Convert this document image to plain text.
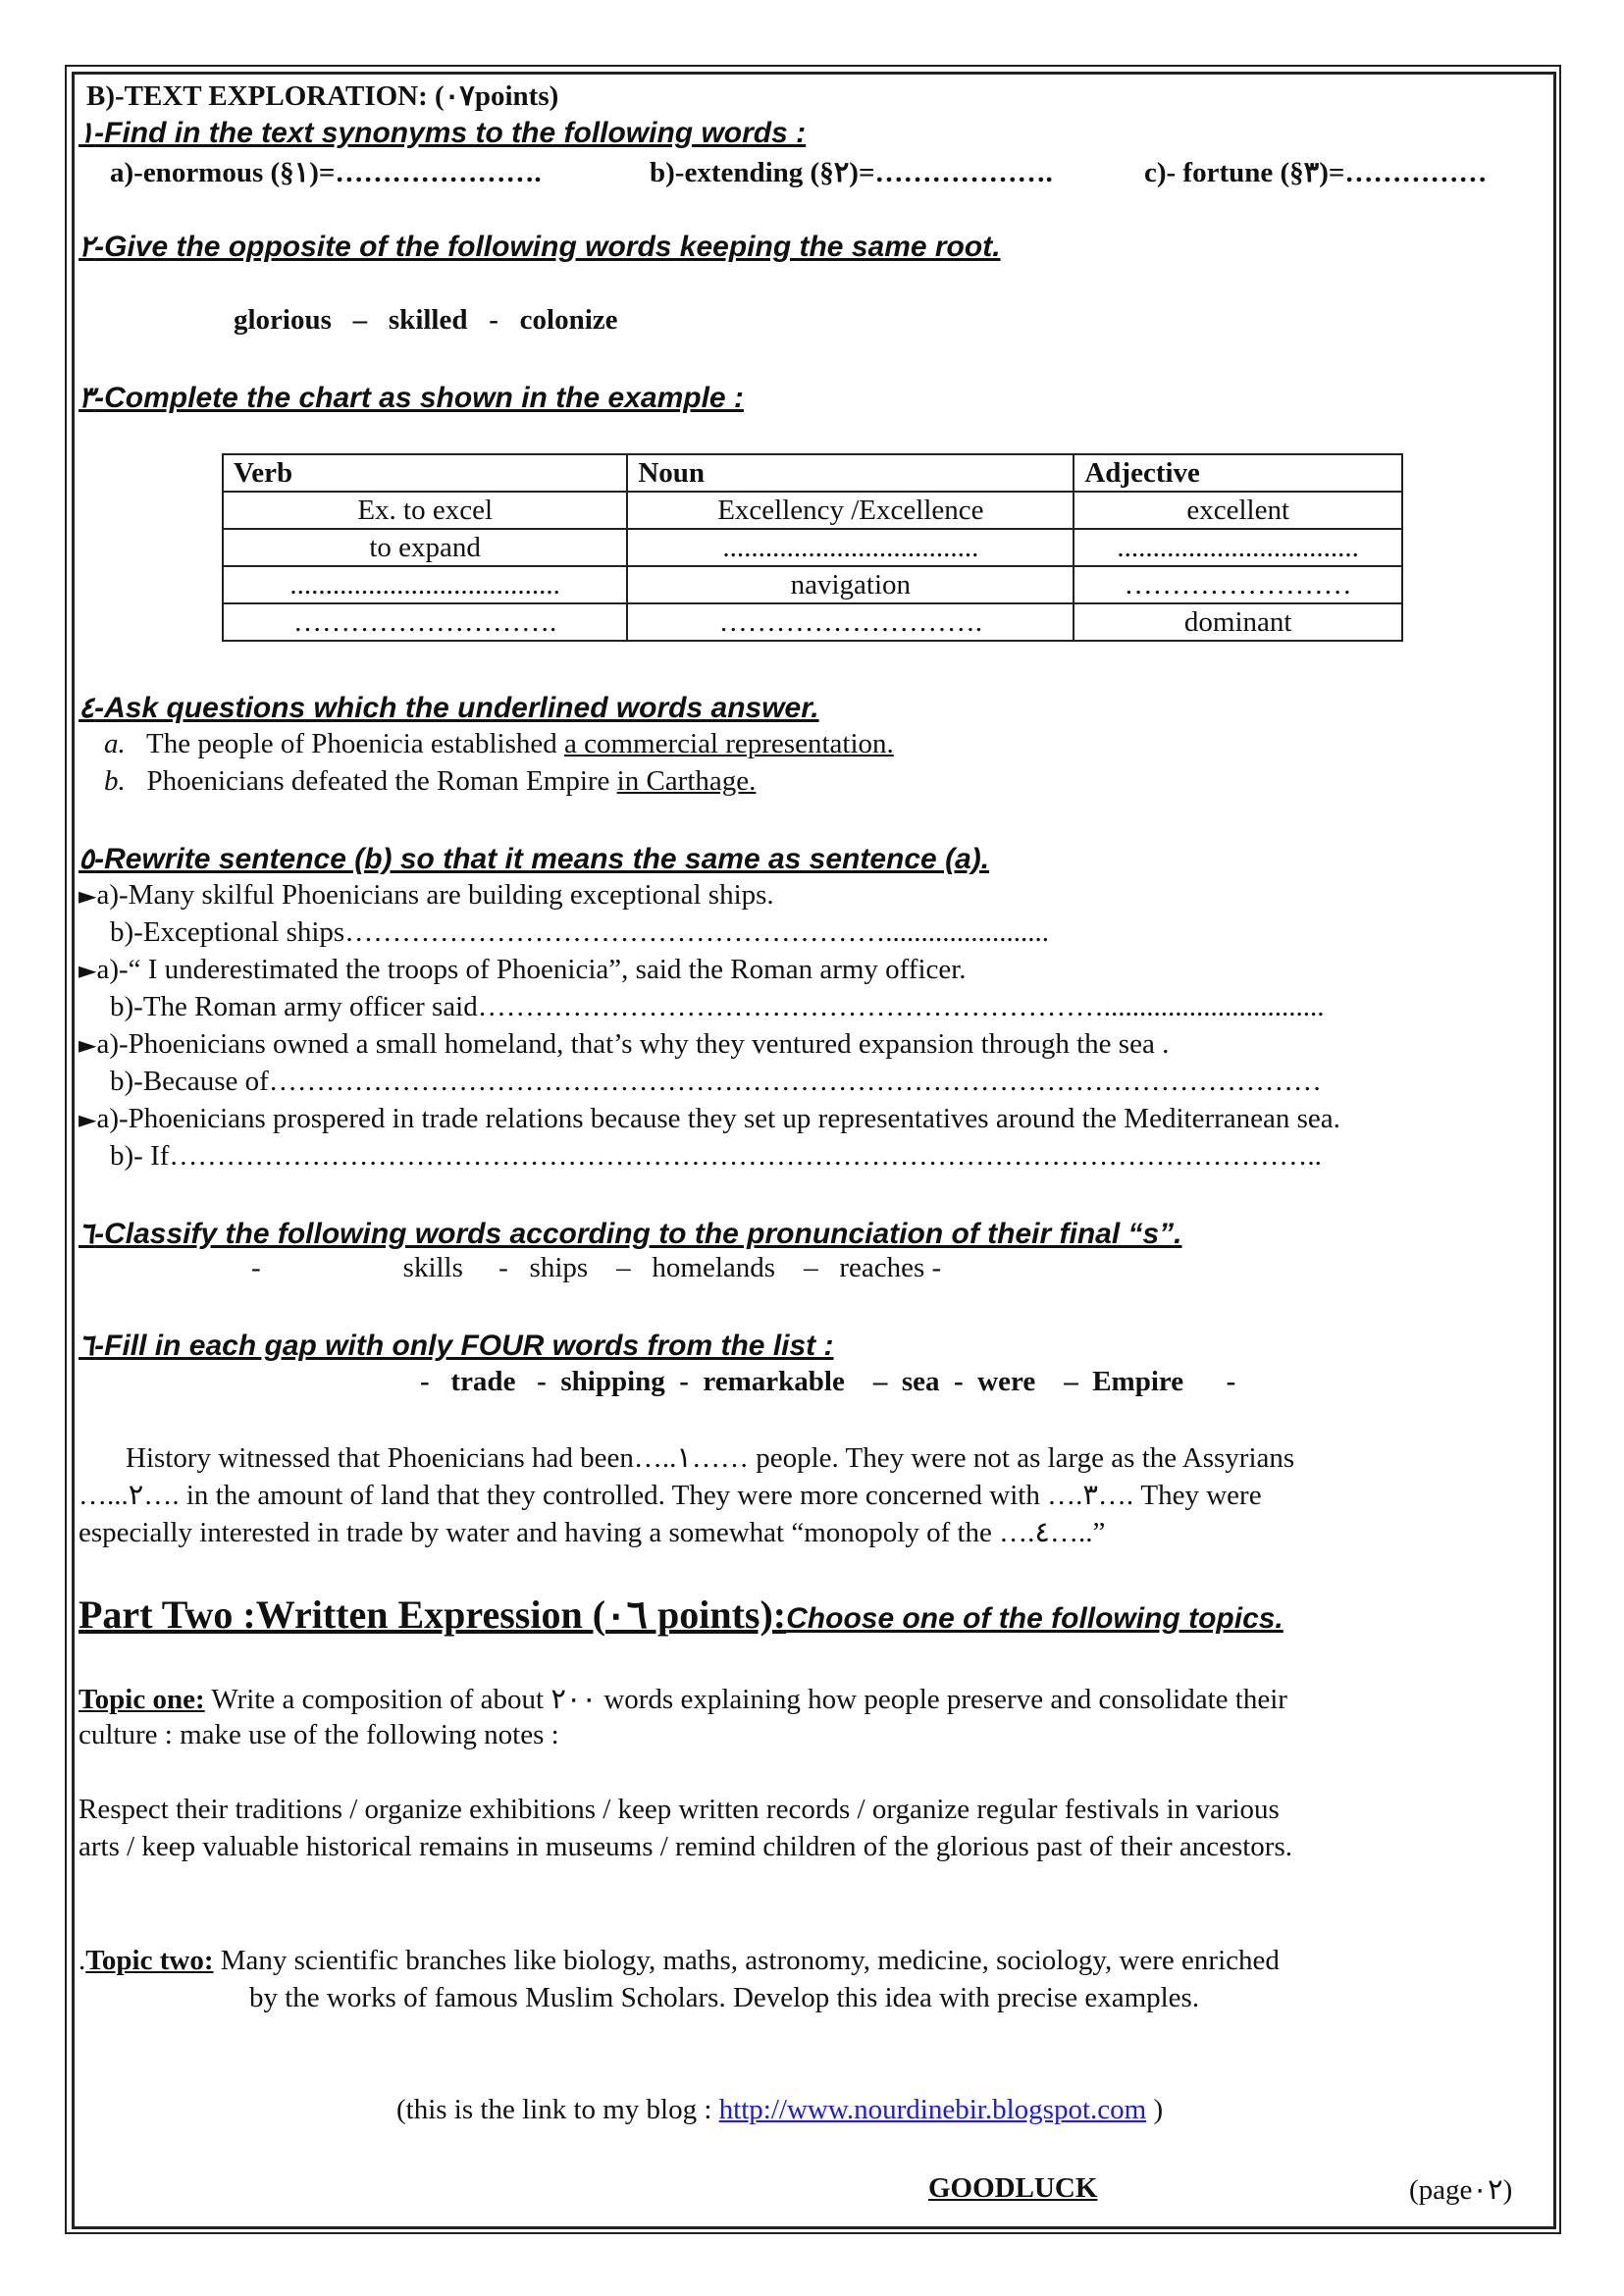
B)-TEXT EXPLORATION: (٠٧points)
١-Find in the text synonyms to the following words :
a)-enormous (§١)=………………….	b)-extending (§٢)=……………….	c)- fortune (§٣)=……………
٢-Give the opposite of the following words keeping the same root.
glorious   –   skilled   -   colonize
٣-Complete the chart as shown in the example :
Verb	Noun	Adjective
Ex. to excel	Excellency /Excellence	excellent
to expand	....................................	..................................
......................................	navigation	……………………
……………………….	……………………….	dominant
٤-Ask questions which the underlined words answer.
a. The people of Phoenicia established a commercial representation.
b. Phoenicians defeated the Roman Empire in Carthage.
٥-Rewrite sentence (b) so that it means the same as sentence (a).
►a)-Many skilful Phoenicians are building exceptional ships.
b)-Exceptional ships………………………………………………….......................
►a)-“ I underestimated the troops of Phoenicia”, said the Roman army officer.
b)-The Roman army officer said…………………………………………………………...............................
►a)-Phoenicians owned a small homeland, that’s why they ventured expansion through the sea .
b)-Because of…………………………………………………………………………………………………
►a)-Phoenicians prospered in trade relations because they set up representatives around the Mediterranean sea.
b)- If…………………………………………………………………………………………………………..
٦-Classify the following words according to the pronunciation of their final “s”.
-                    skills     -   ships    –   homelands    –   reaches -
٦-Fill in each gap with only FOUR words from the list :
-   trade   -  shipping  -  remarkable    –  sea  -  were    –  Empire      -
History witnessed that Phoenicians had been…..١…… people. They were not as large as the Assyrians
…...٢…. in the amount of land that they controlled. They were more concerned with ….٣…. They were
especially interested in trade by water and having a somewhat “monopoly of the ….٤…..”
Part Two :Written Expression (٠٦ points):Choose one of the following topics.
Topic one: Write a composition of about ٢٠٠ words explaining how people preserve and consolidate their
culture : make use of the following notes :
Respect their traditions / organize exhibitions / keep written records / organize regular festivals in various
arts / keep valuable historical remains in museums / remind children of the glorious past of their ancestors.
.Topic two: Many scientific branches like biology, maths, astronomy, medicine, sociology, were enriched
by the works of famous Muslim Scholars. Develop this idea with precise examples.
(this is the link to my blog : http://www.nourdinebir.blogspot.com )
GOODLUCK	(page٠٢)
